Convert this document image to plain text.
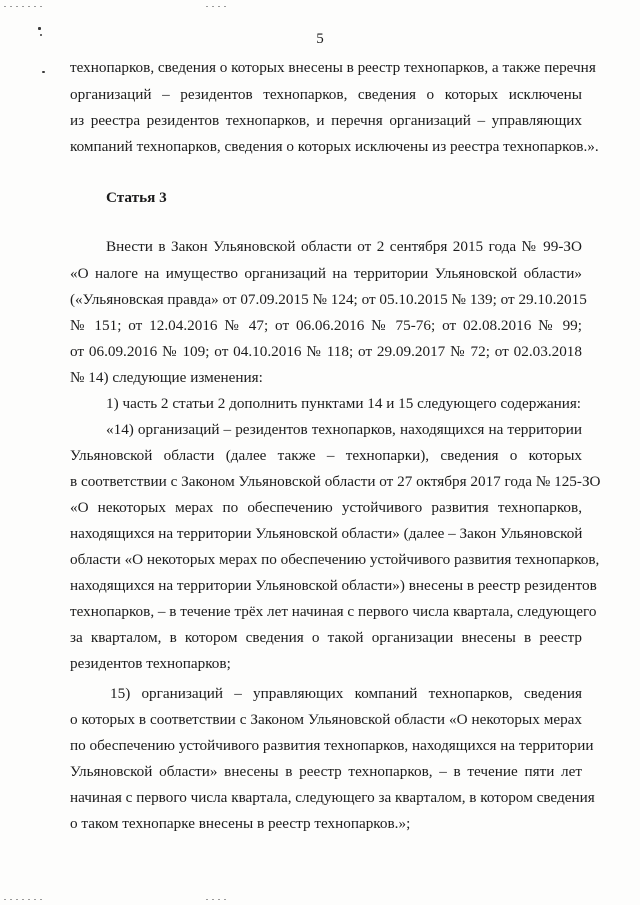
5
технопарков, сведения о которых внесены в реестр технопарков, а также перечня
организаций – резидентов технопарков, сведения о которых исключены
из реестра резидентов технопарков, и перечня организаций – управляющих
компаний технопарков, сведения о которых исключены из реестра технопарков.».
Статья 3
Внести в Закон Ульяновской области от 2 сентября 2015 года № 99-ЗО
«О налоге на имущество организаций на территории Ульяновской области»
(«Ульяновская правда» от 07.09.2015 № 124; от 05.10.2015 № 139; от 29.10.2015
№ 151; от 12.04.2016 № 47; от 06.06.2016 № 75-76; от 02.08.2016 № 99;
от 06.09.2016 № 109; от 04.10.2016 № 118; от 29.09.2017 № 72; от 02.03.2018
№ 14) следующие изменения:
1) часть 2 статьи 2 дополнить пунктами 14 и 15 следующего содержания:
«14) организаций – резидентов технопарков, находящихся на территории
Ульяновской области (далее также – технопарки), сведения о которых
в соответствии с Законом Ульяновской области от 27 октября 2017 года № 125-ЗО
«О некоторых мерах по обеспечению устойчивого развития технопарков,
находящихся на территории Ульяновской области» (далее – Закон Ульяновской
области «О некоторых мерах по обеспечению устойчивого развития технопарков,
находящихся на территории Ульяновской области») внесены в реестр резидентов
технопарков, – в течение трёх лет начиная с первого числа квартала, следующего
за кварталом, в котором сведения о такой организации внесены в реестр
резидентов технопарков;
15) организаций – управляющих компаний технопарков, сведения
о которых в соответствии с Законом Ульяновской области «О некоторых мерах
по обеспечению устойчивого развития технопарков, находящихся на территории
Ульяновской области» внесены в реестр технопарков, – в течение пяти лет
начиная с первого числа квартала, следующего за кварталом, в котором сведения
о таком технопарке внесены в реестр технопарков.»;
